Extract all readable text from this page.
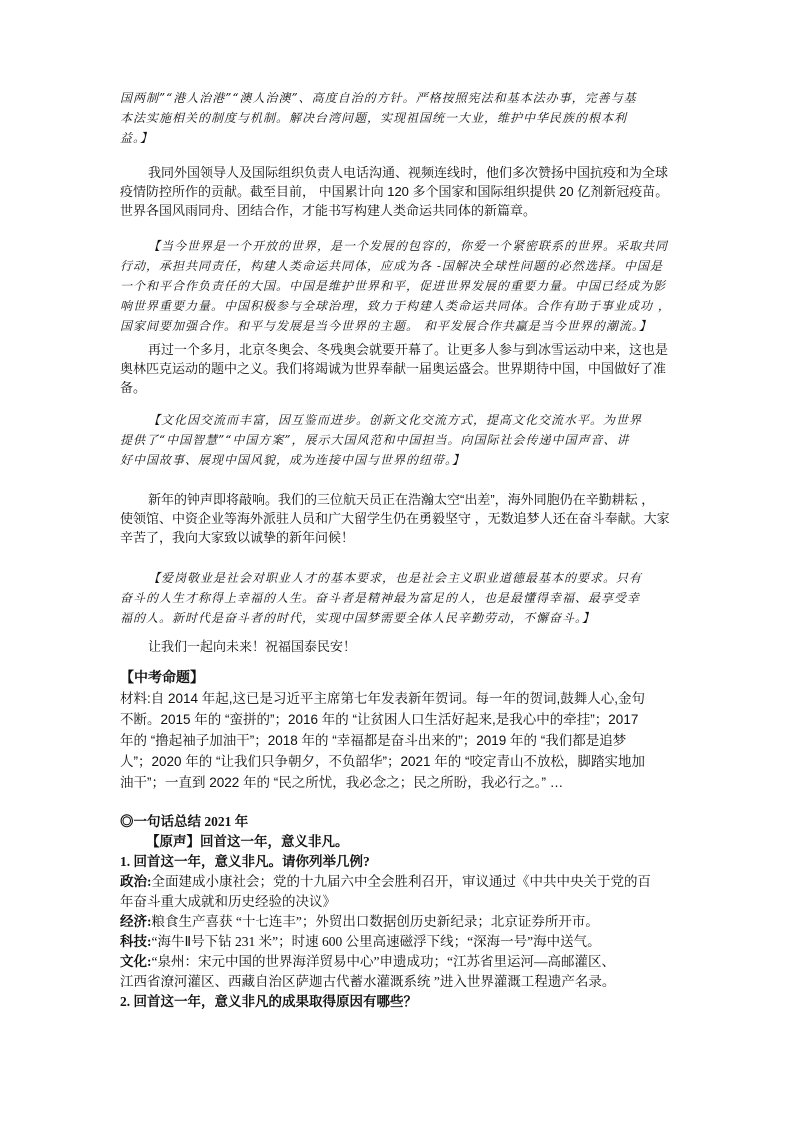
国两制”“港人治港”“澳人治澳”、高度自治的方针。严格按照宪法和基本法办事，完善与基
本法实施相关的制度与机制。解决台湾问题，实现祖国统一大业，维护中华民族的根本利
益。】
我同外国领导人及国际组织负责人电话沟通、视频连线时，他们多次赞扬中国抗疫和为全球
疫情防控所作的贡献。截至目前， 中国累计向 120 多个国家和国际组织提供 20 亿剂新冠疫苗。
世界各国风雨同舟、团结合作，才能书写构建人类命运共同体的新篇章。
【当今世界是一个开放的世界，是一个发展的包容的，你爱一个紧密联系的世界。采取共同
行动，承担共同责任，构建人类命运共同体，应成为各 -国解决全球性问题的必然选择。中国是
一个和平合作负责任的大国。中国是维护世界和平，促进世界发展的重要力量。中国已经成为影
响世界重要力量。中国积极参与全球治理，致力于构建人类命运共同体。合作有助于事业成功 ，
国家间要加强合作。和平与发展是当今世界的主题。 和平发展合作共赢是当今世界的潮流。】
再过一个多月，北京冬奥会、冬残奥会就要开幕了。让更多人参与到冰雪运动中来，这也是
奥林匹克运动的题中之义。我们将竭诚为世界奉献一届奥运盛会。世界期待中国，中国做好了准
备。
【文化因交流而丰富，因互鉴而进步。创新文化交流方式，提高文化交流水平。为世界
提供了“中国智慧”“中国方案”，展示大国风范和中国担当。向国际社会传递中国声音、讲
好中国故事、展现中国风貌，成为连接中国与世界的纽带。】
新年的钟声即将敲响。我们的三位航天员正在浩瀚太空“出差”，海外同胞仍在辛勤耕耘 ，
使领馆、中资企业等海外派驻人员和广大留学生仍在勇毅坚守 ，无数追梦人还在奋斗奉献。大家
辛苦了，我向大家致以诚挚的新年问候！
【爱岗敬业是社会对职业人才的基本要求，也是社会主义职业道德最基本的要求。只有
奋斗的人生才称得上幸福的人生。奋斗者是精神最为富足的人，也是最懂得幸福、最享受幸
福的人。新时代是奋斗者的时代，实现中国梦需要全体人民辛勤劳动，不懈奋斗。】
让我们一起向未来！祝福国泰民安！
【中考命题】
材料:自 2014 年起,这已是习近平主席第七年发表新年贺词。每一年的贺词,鼓舞人心,金句
不断。2015 年的 “蛮拼的”；2016 年的 “让贫困人口生活好起来,是我心中的牵挂”；2017
年的 “撸起袖子加油干”；2018 年的 “幸福都是奋斗出来的”；2019 年的 “我们都是追梦
人”；2020 年的 “让我们只争朝夕，不负韶华”；2021 年的 “咬定青山不放松，脚踏实地加
油干”；一直到 2022 年的 “民之所忧，我必念之；民之所盼，我必行之。” …
◎一句话总结 2021 年
【原声】回首这一年，意义非凡。
1. 回首这一年，意义非凡。请你列举几例?
政治:全面建成小康社会；党的十九届六中全会胜利召开，审议通过《中共中央关于党的百
年奋斗重大成就和历史经验的决议》
经济:粮食生产喜获 “十七连丰”；外贸出口数据创历史新纪录；北京证券所开市。
科技:“海牛Ⅱ号下钻 231 米”；时速 600 公里高速磁浮下线；“深海一号”海中送气。
文化:“泉州：宋元中国的世界海洋贸易中心”申遗成功；“江苏省里运河—高邮灌区、
江西省潦河灌区、西藏自治区萨迦古代蓄水灌溉系统 ”进入世界灌溉工程遗产名录。
2. 回首这一年，意义非凡的成果取得原因有哪些？
